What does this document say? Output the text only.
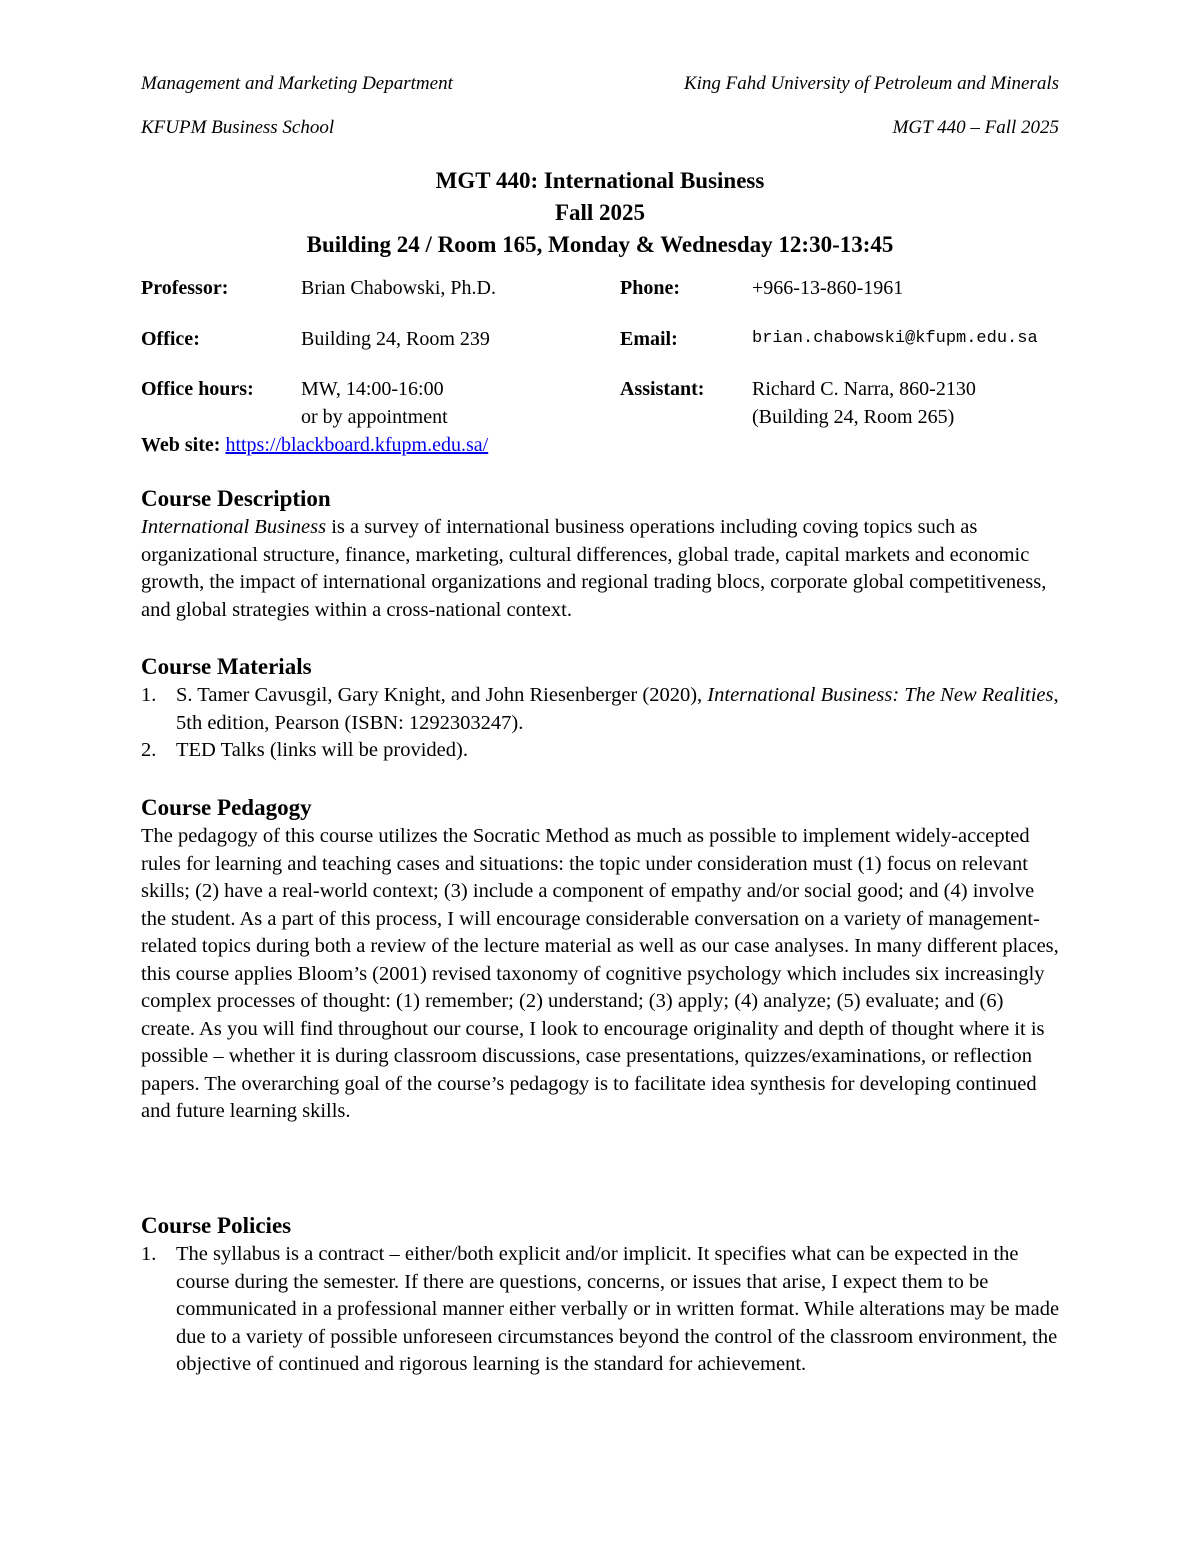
Management and Marketing Department	King Fahd University of Petroleum and Minerals
KFUPM Business School	MGT 440 – Fall 2025
MGT 440: International Business
Fall 2025
Building 24 / Room 165, Monday & Wednesday 12:30-13:45
Professor:	Brian Chabowski, Ph.D.	Phone:	+966-13-860-1961
Office:	Building 24, Room 239	Email:	brian.chabowski@kfupm.edu.sa
Office hours: MW, 14:00-16:00	Assistant: Richard C. Narra, 860-2130
or by appointment	(Building 24, Room 265)
Web site: https://blackboard.kfupm.edu.sa/
Course Description

International Business is a survey of international business operations including coving topics such as organizational structure, finance, marketing, cultural differences, global trade, capital markets and economic growth, the impact of international organizations and regional trading blocs, corporate global competitiveness, and global strategies within a cross-national context.

Course Materials
1. S. Tamer Cavusgil, Gary Knight, and John Riesenberger (2020), International Business: The New Realities, 5th edition, Pearson (ISBN: 1292303247).
2. TED Talks (links will be provided).
Course Pedagogy

The pedagogy of this course utilizes the Socratic Method as much as possible to implement widely-accepted rules for learning and teaching cases and situations: the topic under consideration must (1) focus on relevant skills; (2) have a real-world context; (3) include a component of empathy and/or social good; and (4) involve the student. As a part of this process, I will encourage considerable conversation on a variety of management-related topics during both a review of the lecture material as well as our case analyses. In many different places, this course applies Bloom’s (2001) revised taxonomy of cognitive psychology which includes six increasingly complex processes of thought: (1) remember; (2) understand; (3) apply; (4) analyze; (5) evaluate; and (6) create. As you will find throughout our course, I look to encourage originality and depth of thought where it is possible – whether it is during classroom discussions, case presentations, quizzes/examinations, or reflection papers. The overarching goal of the course’s pedagogy is to facilitate idea synthesis for developing continued and future learning skills.

Course Policies
1. The syllabus is a contract – either/both explicit and/or implicit. It specifies what can be expected in the course during the semester. If there are questions, concerns, or issues that arise, I expect them to be communicated in a professional manner either verbally or in written format. While alterations may be made due to a variety of possible unforeseen circumstances beyond the control of the classroom environment, the objective of continued and rigorous learning is the standard for achievement.
